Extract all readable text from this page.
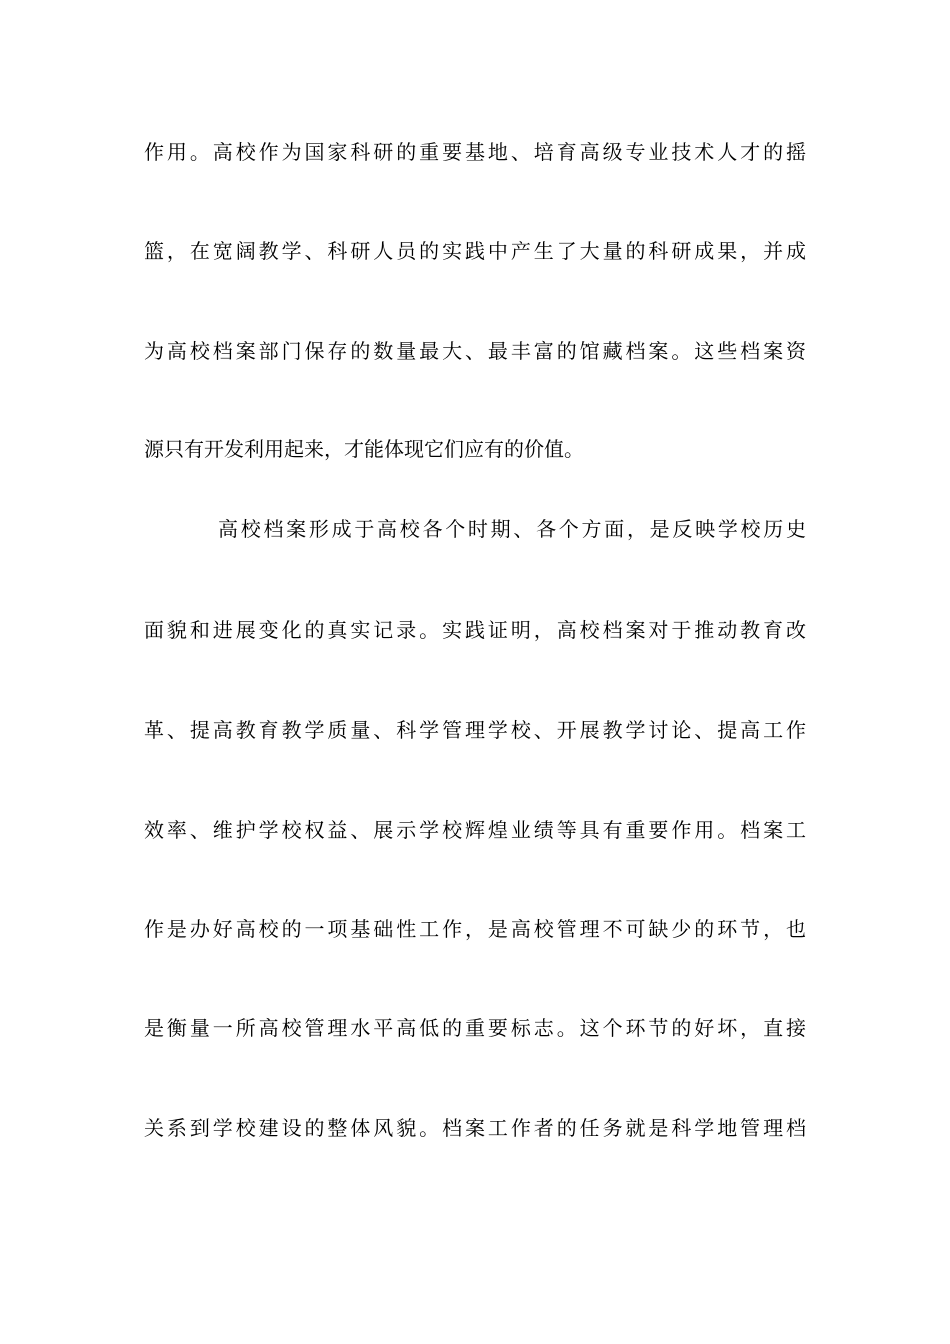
作用。高校作为国家科研的重要基地、培育高级专业技术人才的摇
篮，在宽阔教学、科研人员的实践中产生了大量的科研成果，并成
为高校档案部门保存的数量最大、最丰富的馆藏档案。这些档案资
源只有开发利用起来，才能体现它们应有的价值。
高校档案形成于高校各个时期、各个方面，是反映学校历史
面貌和进展变化的真实记录。实践证明，高校档案对于推动教育改
革、提高教育教学质量、科学管理学校、开展教学讨论、提高工作
效率、维护学校权益、展示学校辉煌业绩等具有重要作用。档案工
作是办好高校的一项基础性工作，是高校管理不可缺少的环节，也
是衡量一所高校管理水平高低的重要标志。这个环节的好坏，直接
关系到学校建设的整体风貌。档案工作者的任务就是科学地管理档
